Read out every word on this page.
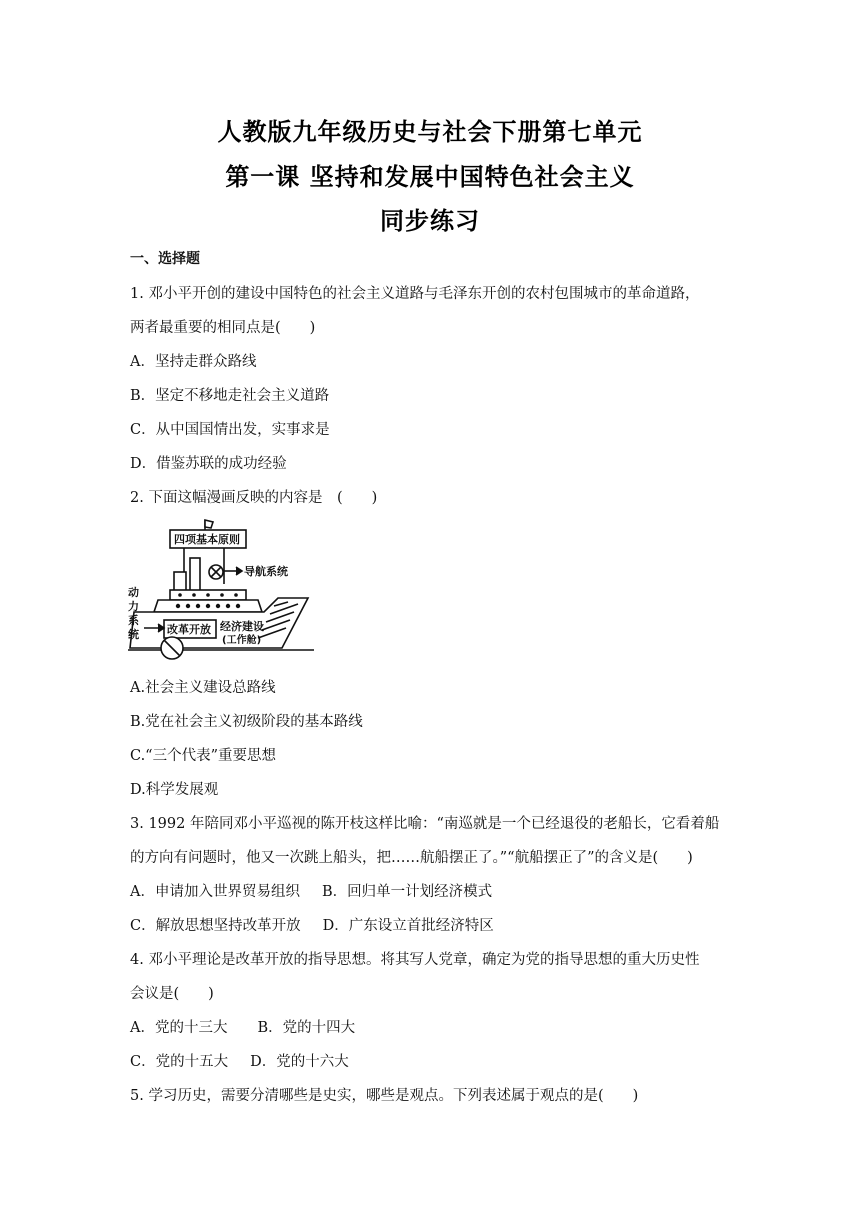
人教版九年级历史与社会下册第七单元
第一课 坚持和发展中国特色社会主义
同步练习
一、选择题
1. 邓小平开创的建设中国特色的社会主义道路与毛泽东开创的农村包围城市的革命道路，
两者最重要的相同点是(　　)
A．坚持走群众路线
B．坚定不移地走社会主义道路
C．从中国国情出发，实事求是
D．借鉴苏联的成功经验
2. 下面这幅漫画反映的内容是　(　　)
四项基本原则
导航系统
动
力
系
统	改革开放 经济建设
(工作舱)
A.社会主义建设总路线
B.党在社会主义初级阶段的基本路线
C.“三个代表”重要思想
D.科学发展观
3. 1992 年陪同邓小平巡视的陈开枝这样比喻：“南巡就是一个已经退役的老船长，它看着船
的方向有问题时，他又一次跳上船头，把……航船摆正了。”“航船摆正了”的含义是(　　)
A．申请加入世界贸易组织 B．回归单一计划经济模式
C．解放思想坚持改革开放 D．广东设立首批经济特区
4. 邓小平理论是改革开放的指导思想。将其写人党章，确定为党的指导思想的重大历史性
会议是(　　)
A．党的十三大 B．党的十四大
C．党的十五大 D．党的十六大
5. 学习历史，需要分清哪些是史实，哪些是观点。下列表述属于观点的是(　　)
